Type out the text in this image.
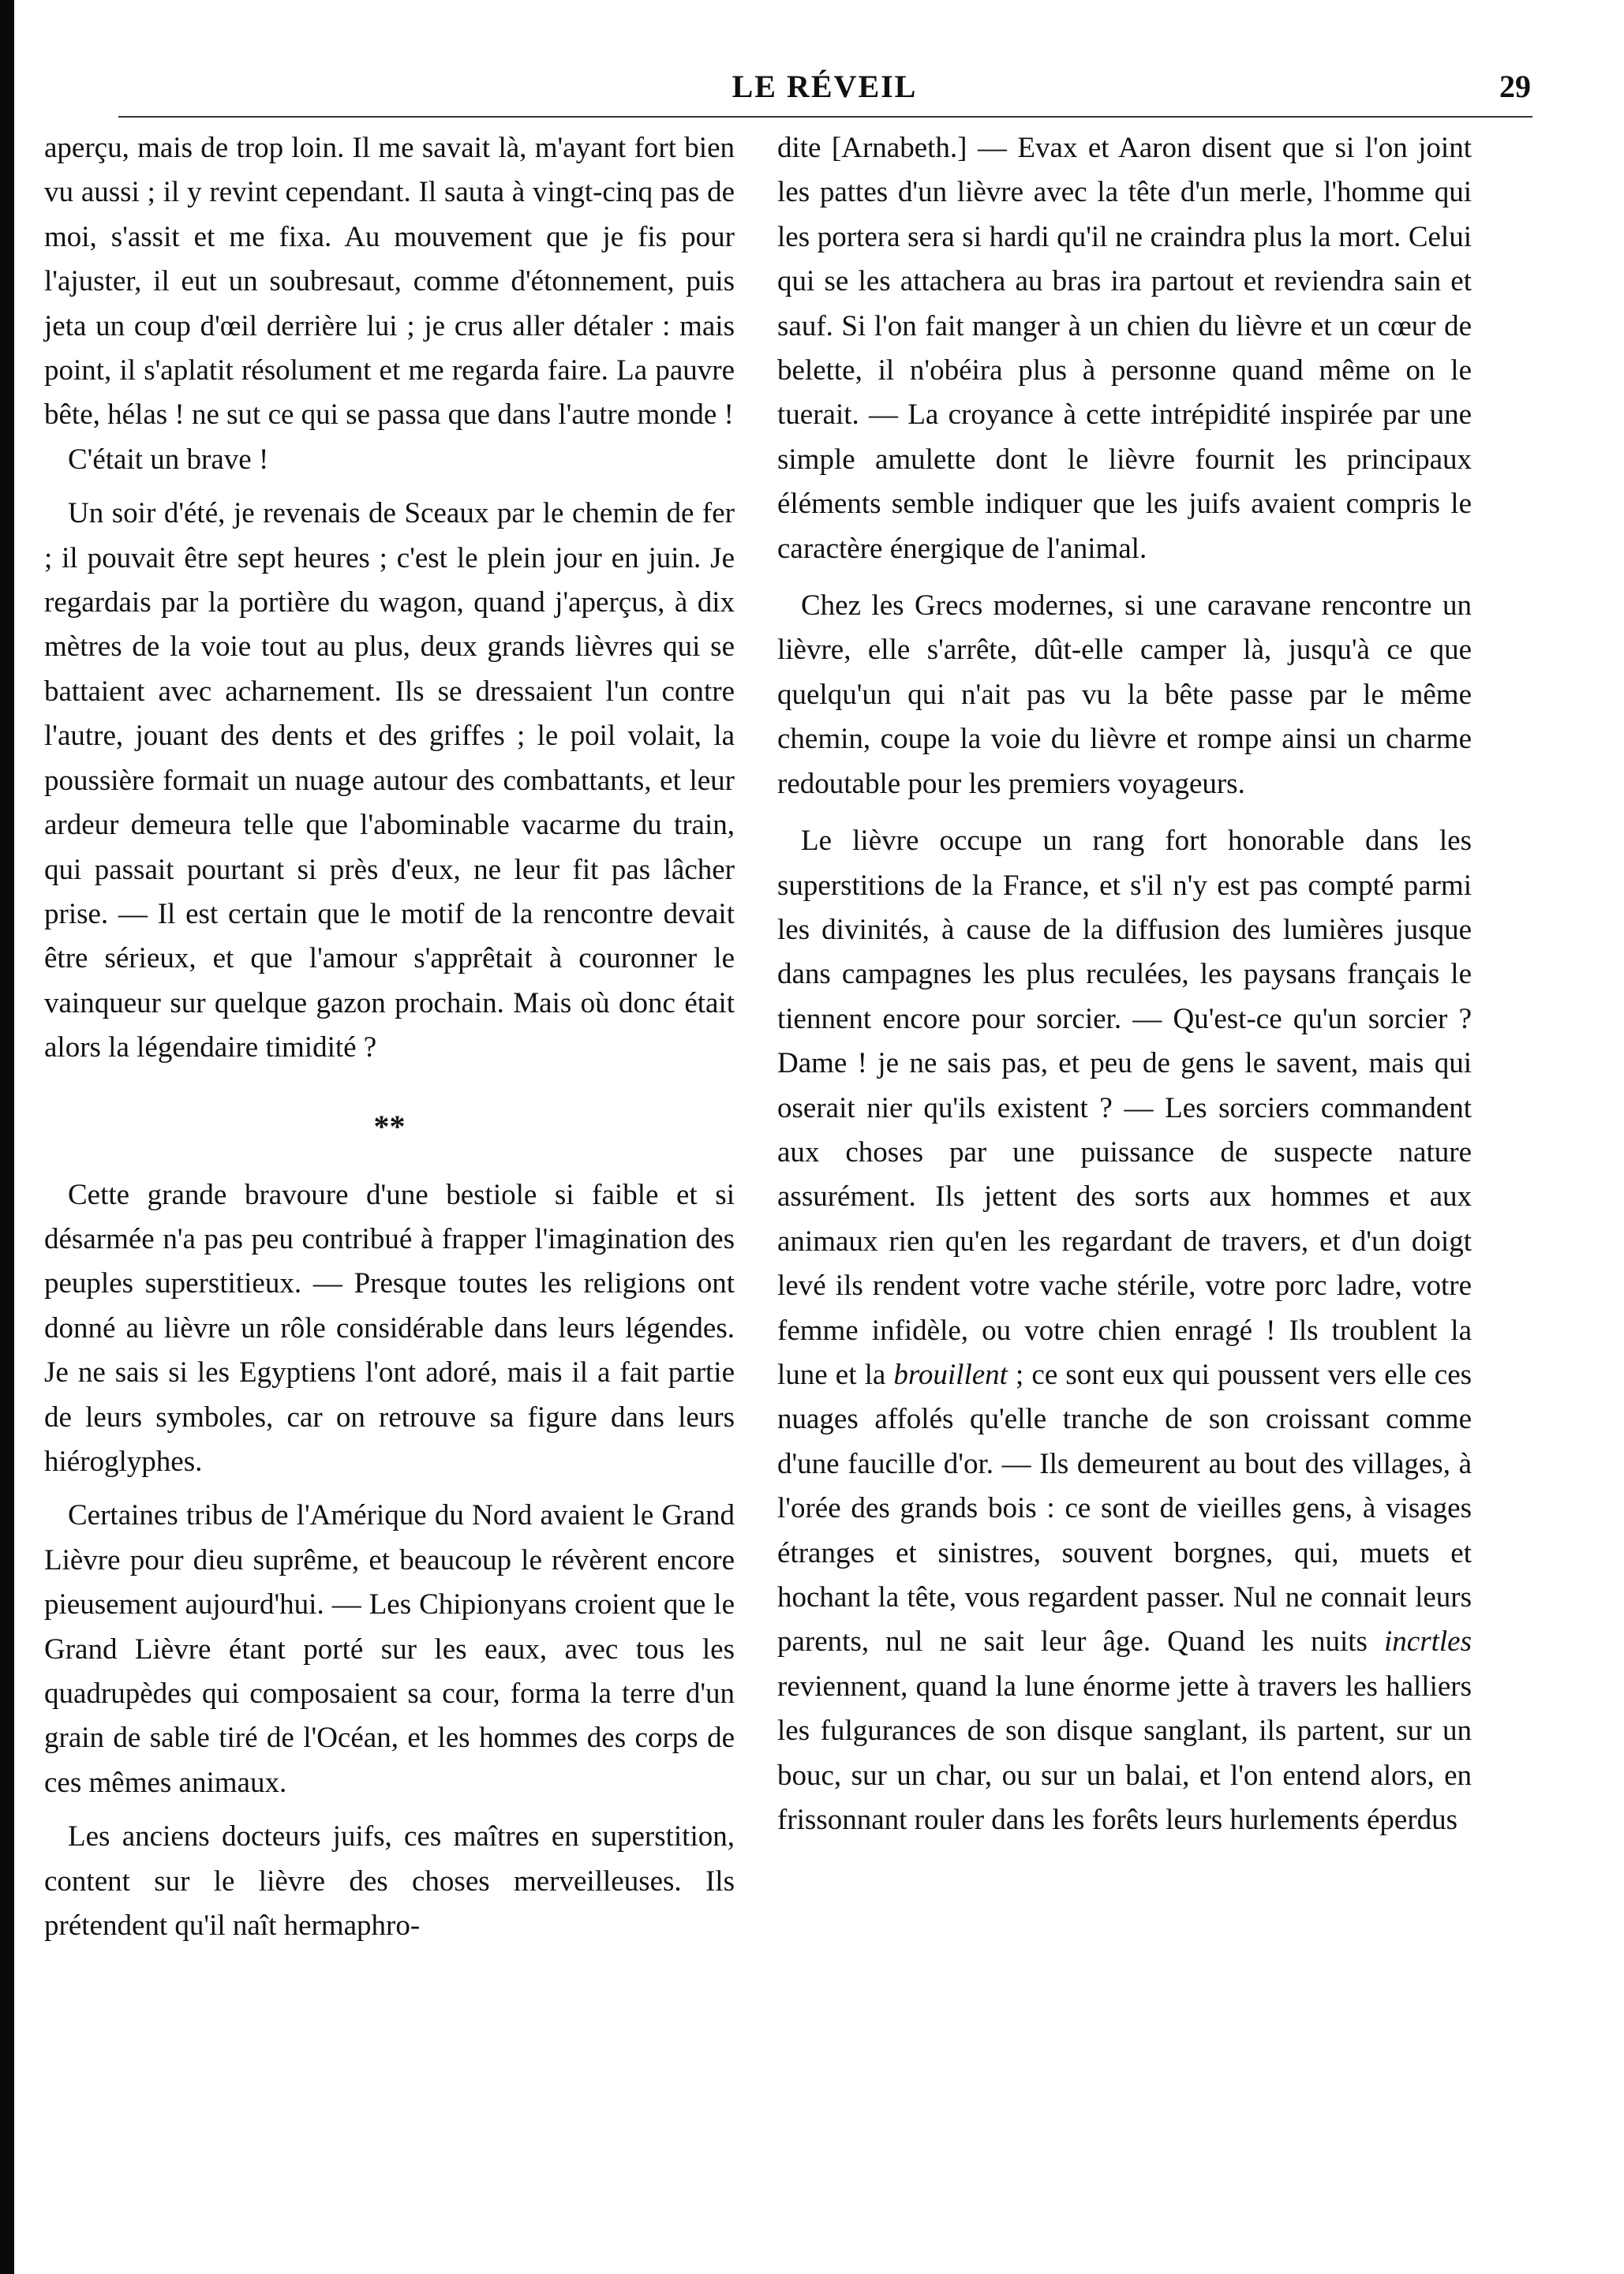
LE RÉVEIL	29

aperçu, mais de trop loin. Il me savait là, m'ayant fort bien vu aussi ; il y revint cependant. Il sauta à vingt-cinq pas de moi, s'assit et me fixa. Au mouvement que je fis pour l'ajuster, il eut un soubresaut, comme d'étonnement, puis jeta un coup d'œil derrière lui ; je crus aller détaler : mais point, il s'aplatit résolument et me regarda faire. La pauvre bête, hélas ! ne sut ce qui se passa que dans l'autre monde !

C'était un brave !

Un soir d'été, je revenais de Sceaux par le chemin de fer ; il pouvait être sept heures ; c'est le plein jour en juin. Je regardais par la portière du wagon, quand j'aperçus, à dix mètres de la voie tout au plus, deux grands lièvres qui se battaient avec acharnement. Ils se dressaient l'un contre l'autre, jouant des dents et des griffes ; le poil volait, la poussière formait un nuage autour des combattants, et leur ardeur demeura telle que l'abominable vacarme du train, qui passait pourtant si près d'eux, ne leur fit pas lâcher prise. — Il est certain que le motif de la rencontre devait être sérieux, et que l'amour s'apprêtait à couronner le vainqueur sur quelque gazon prochain. Mais où donc était alors la légendaire timidité ?

**

Cette grande bravoure d'une bestiole si faible et si désarmée n'a pas peu contribué à frapper l'imagination des peuples superstitieux. — Presque toutes les religions ont donné au lièvre un rôle considérable dans leurs légendes. Je ne sais si les Egyptiens l'ont adoré, mais il a fait partie de leurs symboles, car on retrouve sa figure dans leurs hiéroglyphes.

Certaines tribus de l'Amérique du Nord avaient le Grand Lièvre pour dieu suprême, et beaucoup le révèrent encore pieusement aujourd'hui. — Les Chipionyans croient que le Grand Lièvre étant porté sur les eaux, avec tous les quadrupèdes qui composaient sa cour, forma la terre d'un grain de sable tiré de l'Océan, et les hommes des corps de ces mêmes animaux.

Les anciens docteurs juifs, ces maîtres en superstition, content sur le lièvre des choses merveilleuses. Ils prétendent qu'il naît hermaphro-

dite [Arnabeth.] — Evax et Aaron disent que si l'on joint les pattes d'un lièvre avec la tête d'un merle, l'homme qui les portera sera si hardi qu'il ne craindra plus la mort. Celui qui se les attachera au bras ira partout et reviendra sain et sauf. Si l'on fait manger à un chien du lièvre et un cœur de belette, il n'obéira plus à personne quand même on le tuerait. — La croyance à cette intrépidité inspirée par une simple amulette dont le lièvre fournit les principaux éléments semble indiquer que les juifs avaient compris le caractère énergique de l'animal.

Chez les Grecs modernes, si une caravane rencontre un lièvre, elle s'arrête, dût-elle camper là, jusqu'à ce que quelqu'un qui n'ait pas vu la bête passe par le même chemin, coupe la voie du lièvre et rompe ainsi un charme redoutable pour les premiers voyageurs.

Le lièvre occupe un rang fort honorable dans les superstitions de la France, et s'il n'y est pas compté parmi les divinités, à cause de la diffusion des lumières jusque dans campagnes les plus reculées, les paysans français le tiennent encore pour sorcier. — Qu'est-ce qu'un sorcier ? Dame ! je ne sais pas, et peu de gens le savent, mais qui oserait nier qu'ils existent ? — Les sorciers commandent aux choses par une puissance de suspecte nature assurément. Ils jettent des sorts aux hommes et aux animaux rien qu'en les regardant de travers, et d'un doigt levé ils rendent votre vache stérile, votre porc ladre, votre femme infidèle, ou votre chien enragé ! Ils troublent la lune et la brouillent ; ce sont eux qui poussent vers elle ces nuages affolés qu'elle tranche de son croissant comme d'une faucille d'or. — Ils demeurent au bout des villages, à l'orée des grands bois : ce sont de vieilles gens, à visages étranges et sinistres, souvent borgnes, qui, muets et hochant la tête, vous regardent passer. Nul ne connait leurs parents, nul ne sait leur âge. Quand les nuits incrtles reviennent, quand la lune énorme jette à travers les halliers les fulgurances de son disque sanglant, ils partent, sur un bouc, sur un char, ou sur un balai, et l'on entend alors, en frissonnant rouler dans les forêts leurs hurlements éperdus
